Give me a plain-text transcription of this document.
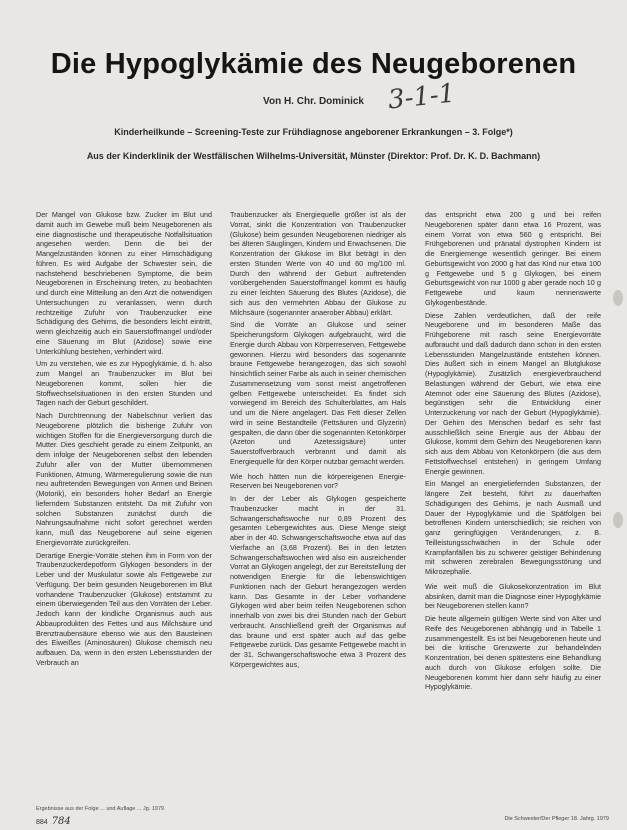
Die Hypoglykämie des Neugeborenen
3-1-1
Von H. Chr. Dominick
Kinderheilkunde – Screening-Teste zur Frühdiagnose angeborener Erkrankungen – 3. Folge*)
Aus der Kinderklinik der Westfälischen Wilhelms-Universität, Münster (Direktor: Prof. Dr. K. D. Bachmann)

Der Mangel von Glukose bzw. Zucker im Blut und damit auch im Gewebe muß beim Neugeborenen als eine diagnostische und therapeutische Notfallsituation angesehen werden. Denn die bei der Mangelzuständen können zu einer Hirnschädigung führen. Es wird Aufgabe der Schwester sein, die nachstehend beschriebenen Symptome, die beim Neugeborenen in Erscheinung treten, zu beobachten und durch eine Mitteilung an den Arzt die notwendigen Untersuchungen zu veranlassen, wenn durch rechtzeitige Zufuhr von Traubenzucker eine Schädigung des Gehirns, die besonders leicht eintritt, wenn gleichzeitig auch ein Sauerstoffmangel und/oder eine Säuerung im Blut (Azidose) sowie eine Unterkühlung bestehen, verhindert wird.

Um zu verstehen, wie es zur Hypoglykämie, d. h. also zum Mangel an Traubenzucker im Blut bei Neugeborenen kommt, sollen hier die Stoffwechselsituationen in den ersten Stunden und Tagen nach der Geburt geschildert.

Nach Durchtrennung der Nabelschnur verliert das Neugeborene plötzlich die bisherige Zufuhr von wichtigen Stoffen für die Energieversorgung durch die Mutter. Dies geschieht gerade zu einem Zeitpunkt, an dem infolge der Neugeborenen selbst den lebenden Zufuhr aller von der Mutter übernommenen Funktionen, Atmung, Wärmeregulierung sowie die nun neu auftretenden Bewegungen von Armen und Beinen (Motorik), ein besonders hoher Bedarf an Energie lieferndem Substanzen entsteht. Da mit Zufuhr von solchen Substanzen zunächst durch die Nahrungsaufnahme nicht sofort gerechnet werden kann, muß das Neugeborene auf seine eigenen Energievorräte zurückgreifen.

Derartige Energie-Vorräte stehen ihm in Form von der Traubenzuckerdepotform Glykogen besonders in der Leber und der Muskulatur sowie als Fettgewebe zur Verfügung. Der beim gesunden Neugeborenen im Blut vorhandene Traubenzucker (Glukose) entstammt zu einem überwiegenden Teil aus den Vorräten der Leber. Jedoch kann der kindliche Organismus auch aus Abbauprodukten des Fettes und aus Milchsäure und Brenztraubensäure ebenso wie aus den Bausteinen des Eiweißes (Aminosäuren) Glukose chemisch neu aufbauen. Da, wenn in den ersten Lebensstunden der Verbrauch an

Traubenzucker als Energiequelle größer ist als der Vorrat, sinkt die Konzentration von Traubenzucker (Glukose) beim gesunden Neugeborenen niedriger als bei älteren Säuglingen, Kindern und Erwachsenen. Die Konzentration der Glukose im Blut beträgt in den ersten Stunden Werte von 40 und 60 mg/100 ml. Durch den während der Geburt auftretenden vorübergehenden Sauerstoffmangel kommt es häufig zu einer leichten Säuerung des Blutes (Azidose), die sich aus den vermehrten Abbau der Glukose zu Milchsäure (sogenannter anaerober Abbau) erklärt.

Sind die Vorräte an Glukose und seiner Speicherungsform Glykogen aufgebraucht, wird die Energie durch Abbau von Körperreserven, Fettgewebe gewonnen. Hierzu wird besonders das sogenannte braune Fettgewebe herangezogen, das sich sowohl hinsichtlich seiner Farbe als auch in seiner chemischen Zusammensetzung vom sonst meist angetroffenen gelben Fettgewebe unterscheidet. Es findet sich vorwiegend im Bereich des Schulterblattes, am Hals und um die Niere angelagert. Das Fett dieser Zellen wird in seine Bestandteile (Fettsäuren und Glyzerin) gespalten, die dann über die sogenannten Ketonkörper (Azeton und Azetessigsäure) unter Sauerstoffverbrauch verbrannt und damit als Energiequelle für den Körper nutzbar gemacht werden.

Wie hoch hätten nun die körpereigenen Energie-Reserven bei Neugeborenen vor?

In der der Leber als Glykogen gespeicherte Traubenzucker macht in der 31. Schwangerschaftswoche nur 0,89 Prozent des gesamten Lebergewichtes aus. Diese Menge steigt aber in der 40. Schwangerschaftswoche etwa auf das Vierfache an (3,68 Prozent). Bei in den letzten Schwangerschaftswochen wird also ein ausreichender Vorrat an Glykogen angelegt, der zur Bereitstellung der notwendigen Energie für die lebenswichtigen Funktionen nach der Geburt herangezogen werden kann. Das Gesamte in der Leber vorhandene Glykogen wird aber beim reifen Neugeborenen schon innerhalb von zwei bis drei Stunden nach der Geburt verbraucht. Anschließend greift der Organismus auf das braune und erst später auch auf das gelbe Fettgewebe zurück. Das gesamte Fettgewebe macht in der 31. Schwangerschaftswoche etwa 3 Prozent des Körpergewichtes aus,

das entspricht etwa 200 g und bei reifen Neugeborenen später dann etwa 16 Prozent, was einem Vorrat von etwa 560 g entspricht. Bei Frühgeborenen und pränatal dystrophen Kindern ist die Energiemenge wesentlich geringer. Bei einem Geburtsgewicht von 2000 g hat das Kind nur etwa 100 g Fettgewebe und 5 g Glykogen, bei einem Geburtsgewicht von nur 1000 g aber gerade noch 10 g Fettgewebe und kaum nennenswerte Glykogenbestände.

Diese Zahlen verdeutlichen, daß der reife Neugeborene und im besonderen Maße das Frühgeborene mit rasch seine Energievorräte aufbraucht und daß dadurch dann schon in den ersten Lebensstunden Mangelzustände entstehen können. Dies äußert sich in einem Mangel an Blutglukose (Hypoglykämie). Zusätzlich energieverbrauchend Belastungen während der Geburt, wie etwa eine Atemnot oder eine Säuerung des Blutes (Azidose), begünstigen sehr die Entwicklung einer Unterzuckerung vor nach der Geburt (Hypoglykämie). Der Gehirn des Menschen bedarf es sehr fast ausschließlich seine Energie aus der Abbau der Glukose, kommt dem Gehirn des Neugeborenen kann sich aus dem Abbau von Ketonkörpern (die aus dem Fettstoffwechsel entstehen) in geringem Umfang Energie gewinnen.

Ein Mangel an energieliefernden Substanzen, der längere Zeit besteht, führt zu dauerhaften Schädigungen des Gehirns, je nach Ausmaß und Dauer der Hypoglykämie und die Spätfolgen bei betroffenen Kindern unterschiedlich; sie reichen von ganz geringfügigen Veränderungen, z. B. Teilleistungsschwächen in der Schule oder Krampfanfällen bis zu schwerer geistiger Behinderung mit schweren zerebralen Bewegungsstörung und Mikrozephalie.

Wie weit muß die Glukosekonzentration im Blut absinken, damit man die Diagnose einer Hypoglykämie bei Neugeborenen stellen kann?

Die heute allgemein gültigen Werte sind von Alter und Reife des Neugeborenen abhängig und in Tabelle 1 zusammengestellt. Es ist bei Neugeborenen heute und bei die kritische Grenzwerte zur behandelnden Konzentration, bei denen spätestens eine Behandlung auch durch von Glukose erfolgen sollte. Die Neugeborenen kommt hier dann sehr häufig zu einer Hypoglykämie.

Ergebnisse aus der Folge ... und Auflage ... Jg. 1979
884 784	Die Schwester/Der Pfleger 18. Jahrg. 1979
